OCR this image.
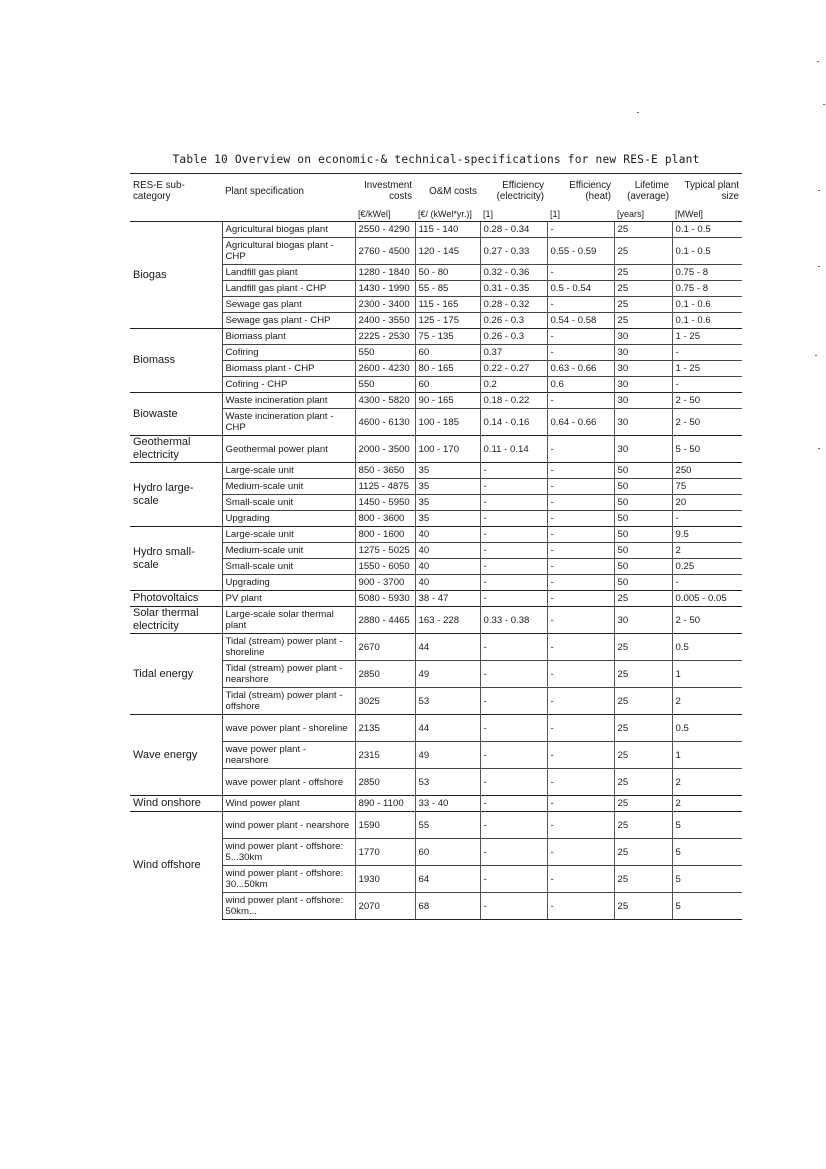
Table 10 Overview on economic-& technical-specifications for new RES-E plant
RES-E sub-category	Plant specification	Investment costs	O&M costs	Efficiency (electricity)	Efficiency (heat)	Lifetime (average)	Typical plant size
		[€/kWel]	[€/ (kWel*yr.)]	[1]	[1]	[years]	[MWel]
Biogas	Agricultural biogas plant	2550 - 4290	115 - 140	0.28 - 0.34	-	25	0.1 - 0.5
	Agricultural biogas plant - CHP	2760 - 4500	120 - 145	0.27 - 0.33	0.55 - 0.59	25	0.1 - 0.5
	Landfill gas plant	1280 - 1840	50 - 80	0.32 - 0.36	-	25	0.75 - 8
	Landfill gas plant - CHP	1430 - 1990	55 - 85	0.31 - 0.35	0.5 - 0.54	25	0.75 - 8
	Sewage gas plant	2300 - 3400	115 - 165	0.28 - 0.32	-	25	0.1 - 0.6
	Sewage gas plant - CHP	2400 - 3550	125 - 175	0.26 - 0.3	0.54 - 0.58	25	0.1 - 0.6
Biomass	Biomass plant	2225 - 2530	75 - 135	0.26 - 0.3	-	30	1 - 25
	Cofiring	550	60	0.37	-	30	-
	Biomass plant - CHP	2600 - 4230	80 - 165	0.22 - 0.27	0.63 - 0.66	30	1 - 25
	Cofiring - CHP	550	60	0.2	0.6	30	-
Biowaste	Waste incineration plant	4300 - 5820	90 - 165	0.18 - 0.22	-	30	2 - 50
	Waste incineration plant - CHP	4600 - 6130	100 - 185	0.14 - 0.16	0.64 - 0.66	30	2 - 50
Geothermal electricity	Geothermal power plant	2000 - 3500	100 - 170	0.11 - 0.14	-	30	5 - 50
Hydro large-scale	Large-scale unit	850 - 3650	35	-	-	50	250
	Medium-scale unit	1125 - 4875	35	-	-	50	75
	Small-scale unit	1450 - 5950	35	-	-	50	20
	Upgrading	800 - 3600	35	-	-	50	-
Hydro small-scale	Large-scale unit	800 - 1600	40	-	-	50	9.5
	Medium-scale unit	1275 - 5025	40	-	-	50	2
	Small-scale unit	1550 - 6050	40	-	-	50	0.25
	Upgrading	900 - 3700	40	-	-	50	-
Photovoltaics	PV plant	5080 - 5930	38 - 47	-	-	25	0.005 - 0.05
Solar thermal electricity	Large-scale solar thermal plant	2880 - 4465	163 - 228	0.33 - 0.38	-	30	2 - 50
Tidal energy	Tidal (stream) power plant - shoreline	2670	44	-	-	25	0.5
	Tidal (stream) power plant - nearshore	2850	49	-	-	25	1
	Tidal (stream) power plant - offshore	3025	53	-	-	25	2
Wave energy	wave power plant - shoreline	2135	44	-	-	25	0.5
	wave power plant - nearshore	2315	49	-	-	25	1
	wave power plant - offshore	2850	53	-	-	25	2
Wind onshore	Wind power plant	890 - 1100	33 - 40	-	-	25	2
Wind offshore	wind power plant - nearshore	1590	55	-	-	25	5
	wind power plant - offshore: 5...30km	1770	60	-	-	25	5
	wind power plant - offshore: 30...50km	1930	64	-	-	25	5
	wind power plant - offshore: 50km...	2070	68	-	-	25	5
